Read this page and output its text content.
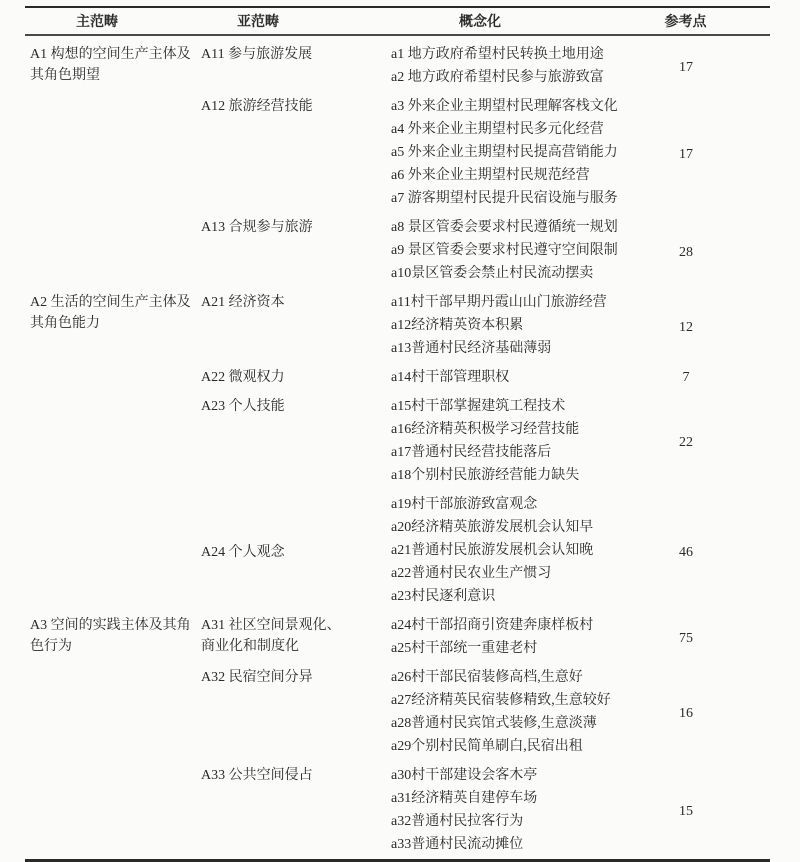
主范畴	亚范畴	概念化	参考点
A1 构想的空间生产主体及其角色期望	A11 参与旅游发展	a1 地方政府希望村民转换土地用途	17
		a2 地方政府希望村民参与旅游致富	
	A12 旅游经营技能	a3 外来企业主期望村民理解客栈文化	17
		a4 外来企业主期望村民多元化经营	
		a5 外来企业主期望村民提高营销能力	
		a6 外来企业主期望村民规范经营	
		a7 游客期望村民提升民宿设施与服务	
	A13 合规参与旅游	a8 景区管委会要求村民遵循统一规划	28
		a9 景区管委会要求村民遵守空间限制	
		a10景区管委会禁止村民流动摆卖	
A2 生活的空间生产主体及其角色能力	A21 经济资本	a11村干部早期丹霞山山门旅游经营	12
		a12经济精英资本积累	
		a13普通村民经济基础薄弱	
	A22 微观权力	a14村干部管理职权	7
	A23 个人技能	a15村干部掌握建筑工程技术	22
		a16经济精英积极学习经营技能	
		a17普通村民经营技能落后	
		a18个别村民旅游经营能力缺失	
	A24 个人观念	a19村干部旅游致富观念	46
		a20经济精英旅游发展机会认知早	
		a21普通村民旅游发展机会认知晚	
		a22普通村民农业生产惯习	
		a23村民逐利意识	
A3 空间的实践主体及其角色行为	A31 社区空间景观化、商业化和制度化	a24村干部招商引资建奔康样板村	75
		a25村干部统一重建老村	
	A32 民宿空间分异	a26村干部民宿装修高档,生意好	16
		a27经济精英民宿装修精致,生意较好	
		a28普通村民宾馆式装修,生意淡薄	
		a29个别村民简单刷白,民宿出租	
	A33 公共空间侵占	a30村干部建设会客木亭	15
		a31经济精英自建停车场	
		a32普通村民拉客行为	
		a33普通村民流动摊位	
